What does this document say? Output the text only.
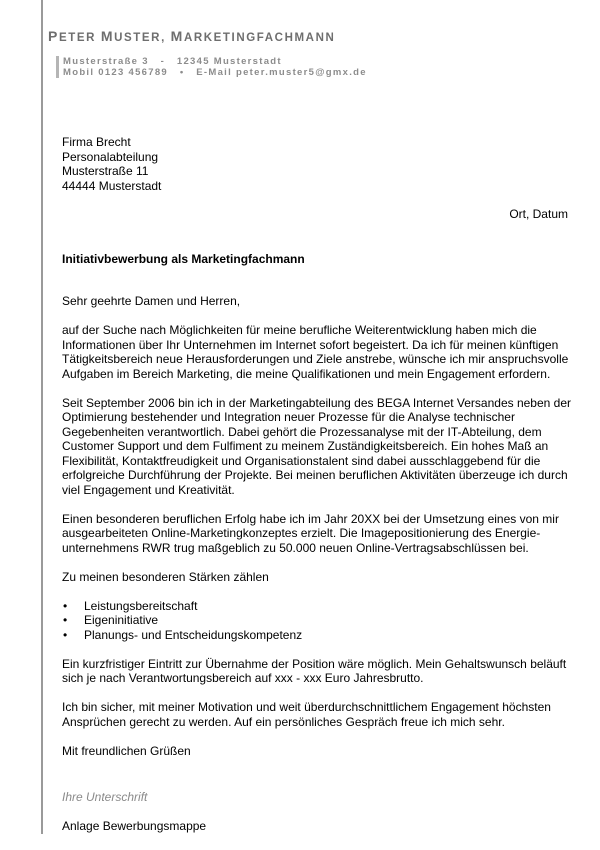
PETER MUSTER, MARKETINGFACHMANN
Musterstraße 3   -   12345 Musterstadt
Mobil 0123 456789   •   E-Mail peter.muster5@gmx.de
Firma Brecht
Personalabteilung
Musterstraße 11
44444 Musterstadt
Ort, Datum
Initiativbewerbung als Marketingfachmann

Sehr geehrte Damen und Herren,

auf der Suche nach Möglichkeiten für meine berufliche Weiterentwicklung haben mich die Informationen über Ihr Unternehmen im Internet sofort begeistert. Da ich für meinen künftigen Tätigkeitsbereich neue Herausforderungen und Ziele anstrebe, wünsche ich mir anspruchsvolle Aufgaben im Bereich Marketing, die meine Qualifikationen und mein Engagement erfordern.

Seit September 2006 bin ich in der Marketingabteilung des BEGA Internet Versandes neben der Optimierung bestehender und Integration neuer Prozesse für die Analyse technischer Gegebenheiten verantwortlich. Dabei gehört die Prozessanalyse mit der IT-Abteilung, dem Customer Support und dem Fulfiment zu meinem Zuständigkeitsbereich. Ein hohes Maß an Flexibilität, Kontaktfreudigkeit und Organisationstalent sind dabei ausschlaggebend für die erfolgreiche Durchführung der Projekte. Bei meinen beruflichen Aktivitäten überzeuge ich durch viel Engagement und Kreativität.

Einen besonderen beruflichen Erfolg habe ich im Jahr 20XX bei der Umsetzung eines von mir ausgearbeiteten Online-Marketingkonzeptes erzielt. Die Imagepositionierung des Energie-unternehmens RWR trug maßgeblich zu 50.000 neuen Online-Vertragsabschlüssen bei.

Zu meinen besonderen Stärken zählen

• Leistungsbereitschaft
• Eigeninitiative
• Planungs- und Entscheidungskompetenz

Ein kurzfristiger Eintritt zur Übernahme der Position wäre möglich. Mein Gehaltswunsch beläuft sich je nach Verantwortungsbereich auf xxx - xxx Euro Jahresbrutto.

Ich bin sicher, mit meiner Motivation und weit überdurchschnittlichem Engagement höchsten Ansprüchen gerecht zu werden. Auf ein persönliches Gespräch freue ich mich sehr.

Mit freundlichen Grüßen

Ihre Unterschrift
Anlage Bewerbungsmappe
